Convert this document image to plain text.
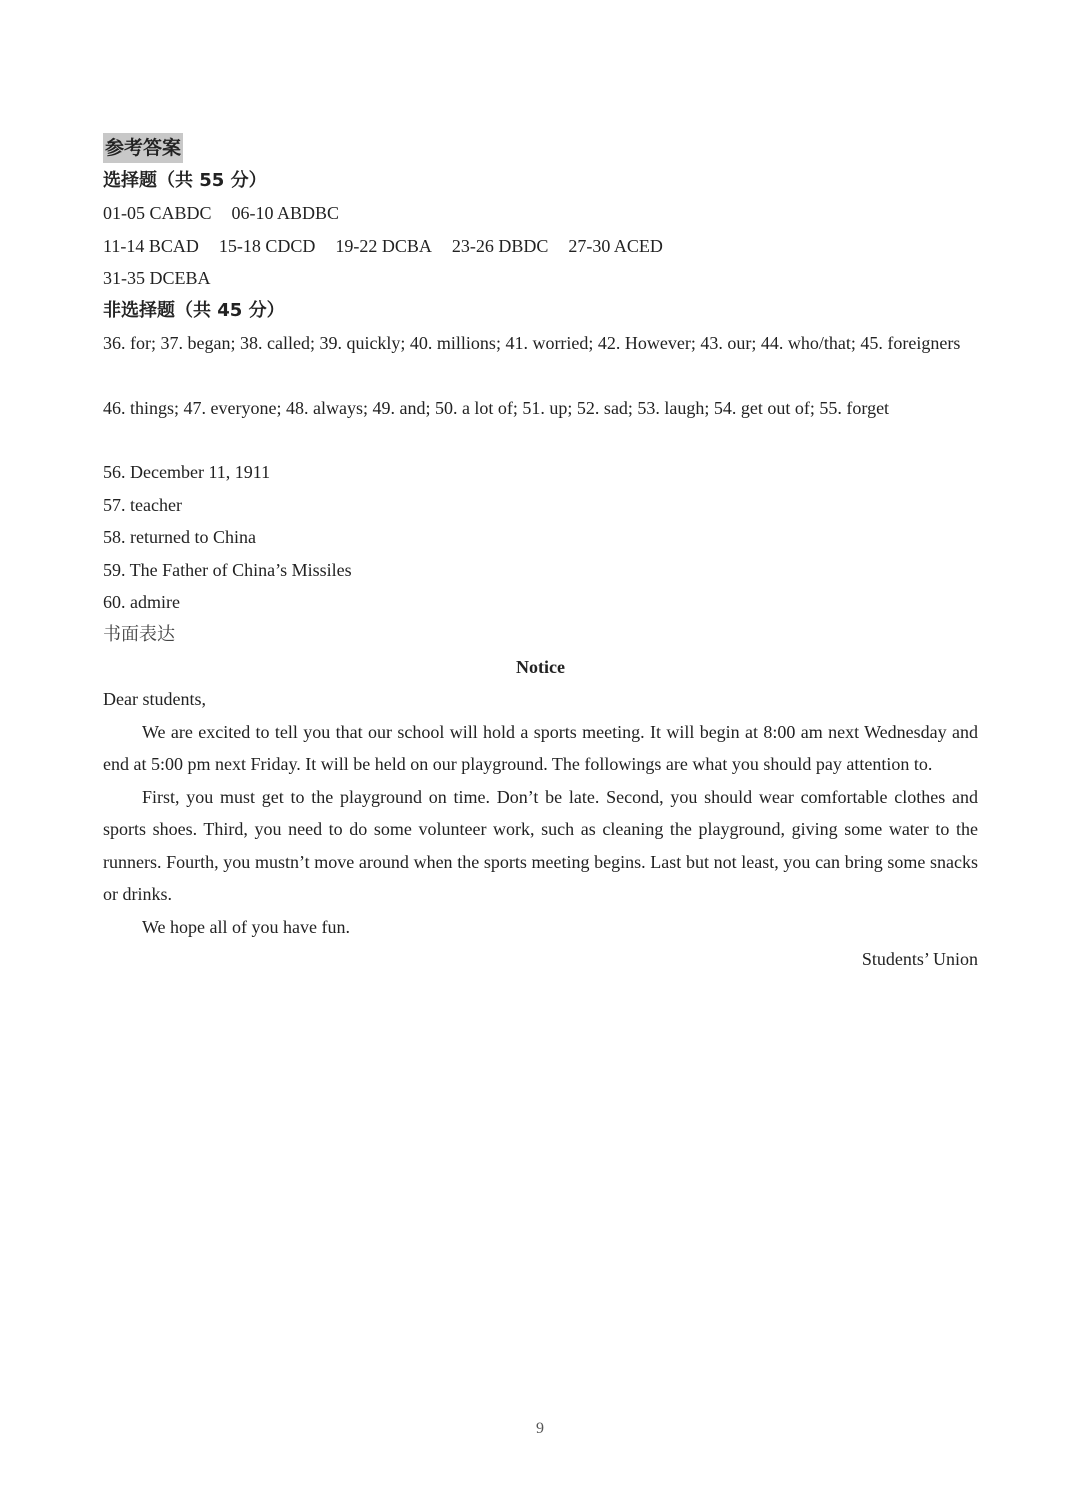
参考答案
选择题（共 55 分）
01-05 CABDC 06-10 ABDBC
11-14 BCAD 15-18 CDCD 19-22 DCBA 23-26 DBDC 27-30 ACED
31-35 DCEBA
非选择题（共 45 分）
36. for; 37. began; 38. called; 39. quickly; 40. millions; 41. worried; 42. However; 43. our; 44. who/that; 45. foreigners
46. things; 47. everyone; 48. always; 49. and; 50. a lot of; 51. up; 52. sad; 53. laugh; 54. get out of; 55. forget
56. December 11, 1911
57. teacher
58. returned to China
59. The Father of China’s Missiles
60. admire
书面表达
Notice
Dear students,
We are excited to tell you that our school will hold a sports meeting. It will begin at 8:00 am next Wednesday and end at 5:00 pm next Friday. It will be held on our playground. The followings are what you should pay attention to.
First, you must get to the playground on time. Don’t be late. Second, you should wear comfortable clothes and sports shoes. Third, you need to do some volunteer work, such as cleaning the playground, giving some water to the runners. Fourth, you mustn’t move around when the sports meeting begins. Last but not least, you can bring some snacks or drinks.
We hope all of you have fun.
Students’ Union
9
